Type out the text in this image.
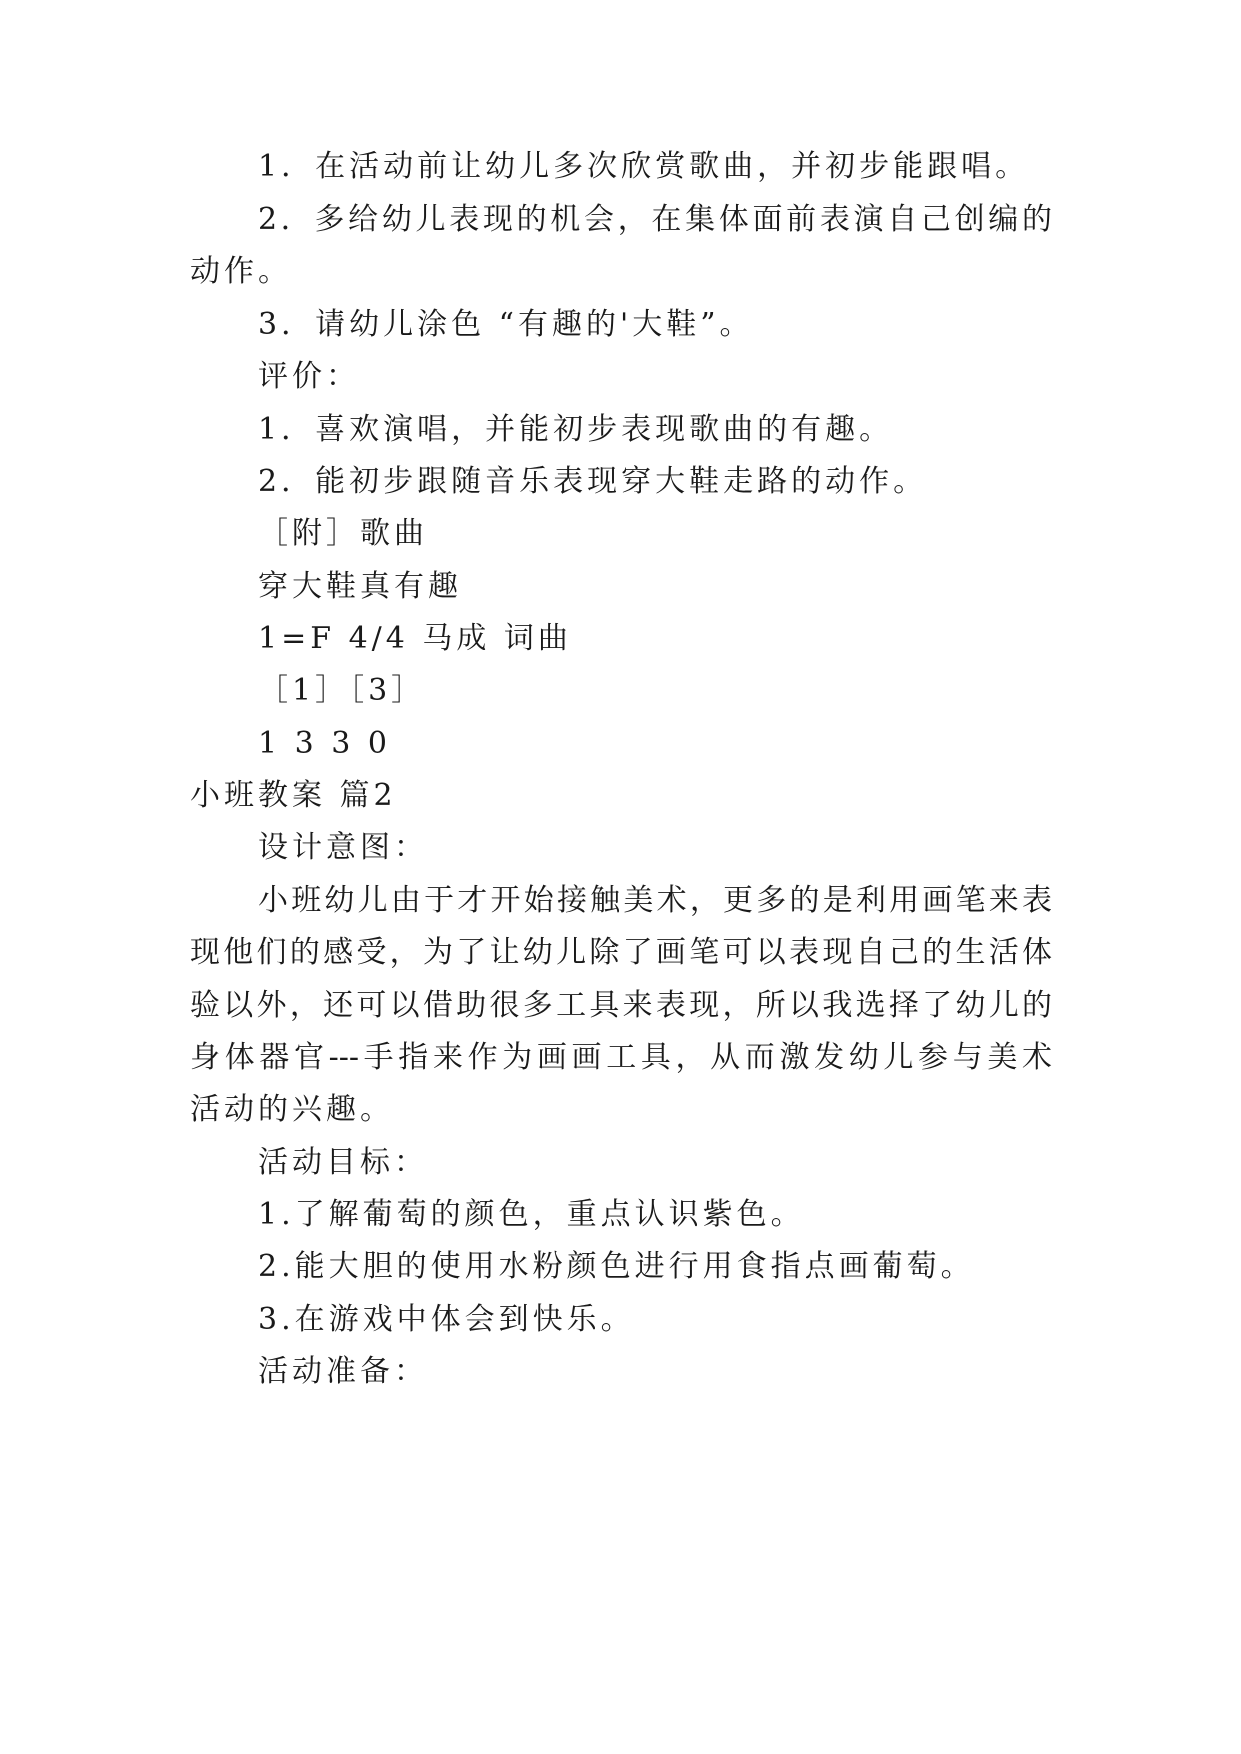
1．在活动前让幼儿多次欣赏歌曲，并初步能跟唱。
2．多给幼儿表现的机会，在集体面前表演自己创编的
动作。
3．请幼儿涂色 “有趣的'大鞋”。
评价：
1．喜欢演唱，并能初步表现歌曲的有趣。
2．能初步跟随音乐表现穿大鞋走路的动作。
［附］歌曲
穿大鞋真有趣
1=F 4/4 马成 词曲
［1］［3］
1 3 3 0
小班教案 篇2
设计意图：
小班幼儿由于才开始接触美术，更多的是利用画笔来表
现他们的感受，为了让幼儿除了画笔可以表现自己的生活体
验以外，还可以借助很多工具来表现，所以我选择了幼儿的
身体器官---手指来作为画画工具，从而激发幼儿参与美术
活动的兴趣。
活动目标：
1.了解葡萄的颜色，重点认识紫色。
2.能大胆的使用水粉颜色进行用食指点画葡萄。
3.在游戏中体会到快乐。
活动准备：
